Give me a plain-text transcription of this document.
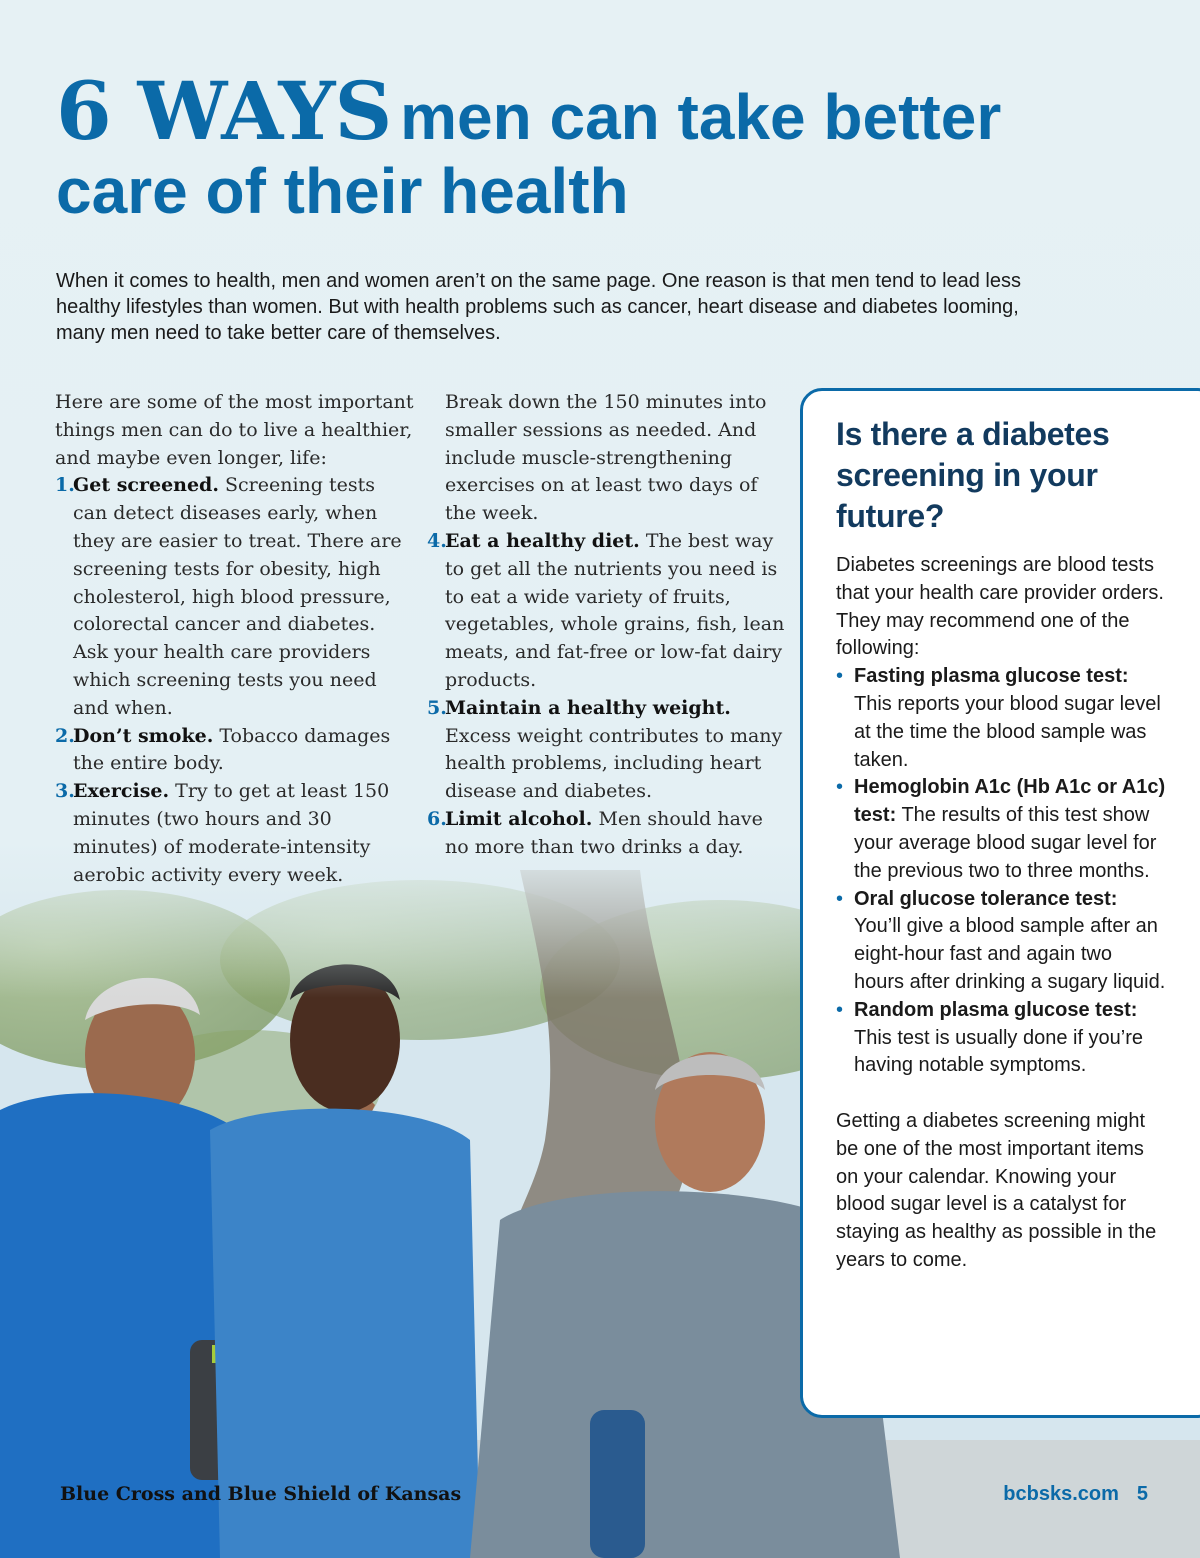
6 WAYS men can take better
care of their health

When it comes to health, men and women aren’t on the same page. One reason is that men tend to lead less healthy lifestyles than women. But with health problems such as cancer, heart disease and diabetes looming, many men need to take better care of themselves.

Here are some of the most important things men can do to live a healthier, and maybe even longer, life:

1.
Get screened. Screening tests can detect diseases early, when they are easier to treat. There are screening tests for obesity, high cholesterol, high blood pressure, colorectal cancer and diabetes. Ask your health care providers which screening tests you need and when.
2.
Don’t smoke. Tobacco damages the entire body.
3.
Exercise. Try to get at least 150 minutes (two hours and 30 minutes) of moderate-intensity aerobic activity every week.

Break down the 150 minutes into smaller sessions as needed. And include muscle-strengthening exercises on at least two days of the week.

4.
Eat a healthy diet. The best way to get all the nutrients you need is to eat a wide variety of fruits, vegetables, whole grains, fish, lean meats, and fat-free or low-fat dairy products.
5.
Maintain a healthy weight. Excess weight contributes to many health problems, including heart disease and diabetes.
6.
Limit alcohol. Men should have no more than two drinks a day.
Is there a diabetes screening in your future?

Diabetes screenings are blood tests that your health care provider orders. They may recommend one of the following:

• Fasting plasma glucose test: This reports your blood sugar level at the time the blood sample was taken.
• Hemoglobin A1c (Hb A1c or A1c) test: The results of this test show your average blood sugar level for the previous two to three months.
• Oral glucose tolerance test: You’ll give a blood sample after an eight-hour fast and again two hours after drinking a sugary liquid.
• Random plasma glucose test: This test is usually done if you’re having notable symptoms.

Getting a diabetes screening might be one of the most important items on your calendar. Knowing your blood sugar level is a catalyst for staying as healthy as possible in the years to come.

Blue Cross and Blue Shield of Kansas	bcbsks.com 5
